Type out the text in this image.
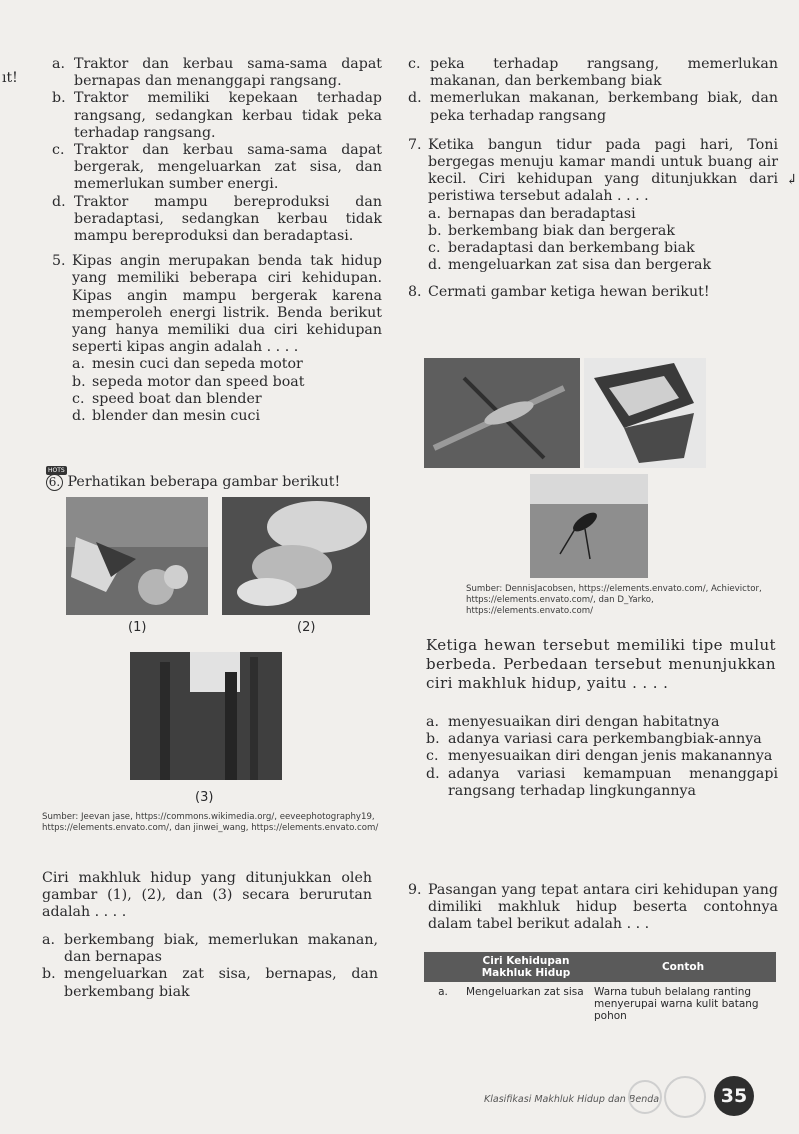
ıt!
↲
a. Traktor dan kerbau sama-sama dapat bernapas dan menanggapi rangsang.
b. Traktor memiliki kepekaan terhadap rangsang, sedangkan kerbau tidak peka terhadap rangsang.
c. Traktor dan kerbau sama-sama dapat bergerak, mengeluarkan zat sisa, dan memerlukan sumber energi.
d. Traktor mampu bereproduksi dan beradaptasi, sedangkan kerbau tidak mampu bereproduksi dan beradaptasi.
5. Kipas angin merupakan benda tak hidup yang memiliki beberapa ciri kehidupan. Kipas angin mampu bergerak karena memperoleh energi listrik. Benda berikut yang hanya memiliki dua ciri kehidupan seperti kipas angin adalah . . . .
a. mesin cuci dan sepeda motor
b. sepeda motor dan speed boat
c. speed boat dan blender
d. blender dan mesin cuci
HOTS
6. Perhatikan beberapa gambar berikut!
(1)	(2)
(3)
Sumber: Jeevan jase, https://commons.wikimedia.org/, eeveephotography19, https://elements.envato.com/, dan jinwei_wang, https://elements.envato.com/
Ciri makhluk hidup yang ditunjukkan oleh gambar (1), (2), dan (3) secara berurutan adalah . . . .
a. berkembang biak, memerlukan makanan, dan bernapas
b. mengeluarkan zat sisa, bernapas, dan berkembang biak
c. peka terhadap rangsang, memerlukan makanan, dan berkembang biak
d. memerlukan makanan, berkembang biak, dan peka terhadap rangsang
7. Ketika bangun tidur pada pagi hari, Toni bergegas menuju kamar mandi untuk buang air kecil. Ciri kehidupan yang ditunjukkan dari peristiwa tersebut adalah . . . .
a. bernapas dan beradaptasi
b. berkembang biak dan bergerak
c. beradaptasi dan berkembang biak
d. mengeluarkan zat sisa dan bergerak
8. Cermati gambar ketiga hewan berikut!
Sumber: DennisJacobsen, https://elements.envato.com/, Achievictor, https://elements.envato.com/, dan D_Yarko, https://elements.envato.com/
Ketiga hewan tersebut memiliki tipe mulut berbeda. Perbedaan tersebut menunjukkan ciri makhluk hidup, yaitu . . . .
a. menyesuaikan diri dengan habitatnya
b. adanya variasi cara perkembangbiak-annya
c. menyesuaikan diri dengan jenis makanannya
d. adanya variasi kemampuan menanggapi rangsang terhadap lingkungannya
9. Pasangan yang tepat antara ciri kehidupan yang dimiliki makhluk hidup beserta contohnya dalam tabel berikut adalah . . .
	Ciri Kehidupan Makhluk Hidup	Contoh
a.	Mengeluarkan zat sisa	Warna tubuh belalang ranting menyerupai warna kulit batang pohon
Klasifikasi Makhluk Hidup dan Benda	35
